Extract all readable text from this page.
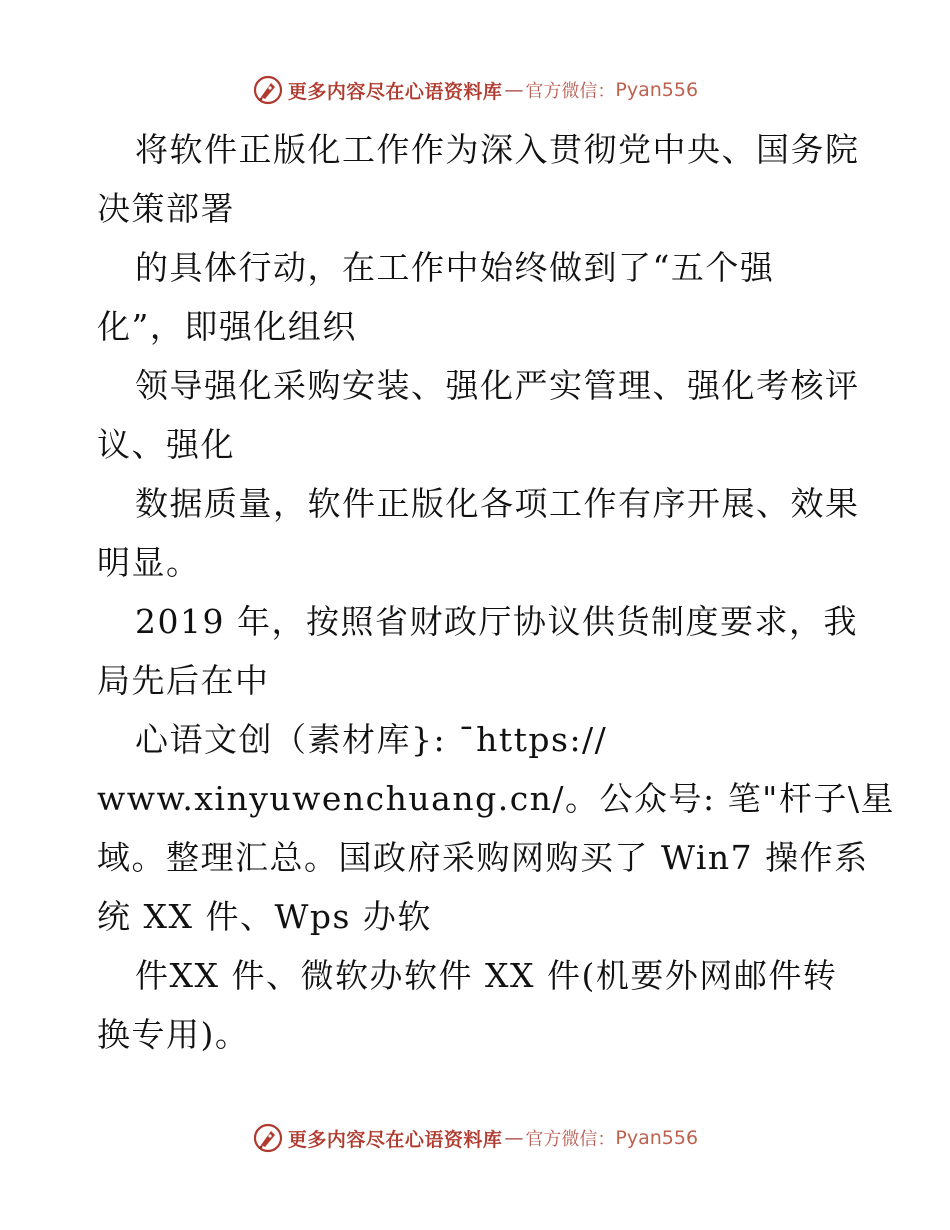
更多内容尽在心语资料库 — 官方微信： Pyan556
将软件正版化工作作为深入贯彻党中央、国务院
决策部署
的具体行动，在工作中始终做到了“五个强
化”，即强化组织
领导强化采购安装、强化严实管理、强化考核评
议、强化
数据质量，软件正版化各项工作有序开展、效果
明显。
2019 年，按照省财政厅协议供货制度要求，我
局先后在中
心语文创（素材库}: ¯https://
www.xinyuwenchuang.cn/。公众号: 笔"杆子\星
域。整理汇总。国政府采购网购买了 Win7 操作系
统 XX 件、Wps 办软
件XX 件、微软办软件 XX 件(机要外网邮件转
换专用)。
更多内容尽在心语资料库 — 官方微信： Pyan556
